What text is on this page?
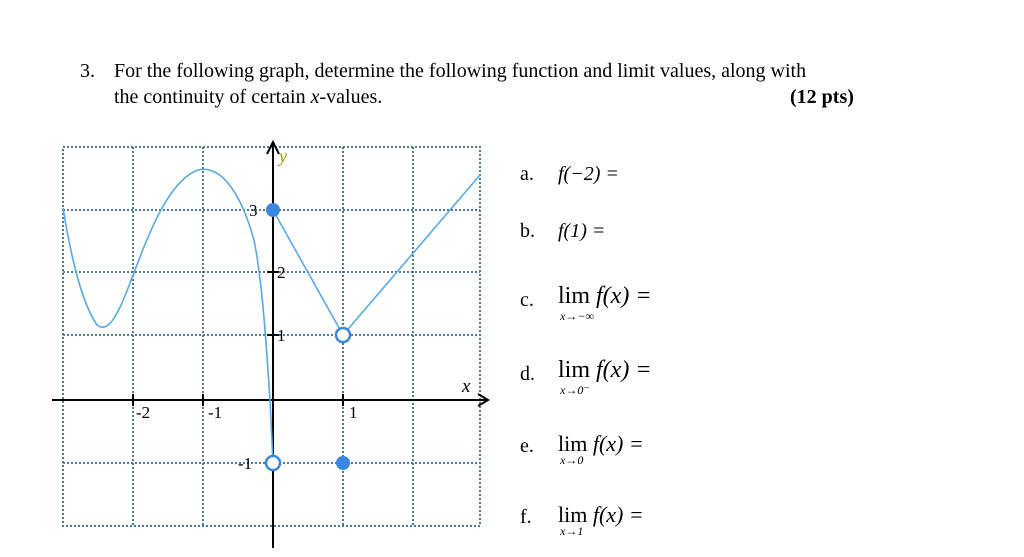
3. For the following graph, determine the following function and limit values, along with
the continuity of certain x-values.	(12 pts)
-2	-1	1
3
2
1
-1
x
y
a. f(−2) =
b. f(1) =
c. lim
x→−∞
f(x) =
d. lim
x→0⁻
f(x) =
e. lim
x→0
f(x) =
f. lim
x→1
f(x) =
